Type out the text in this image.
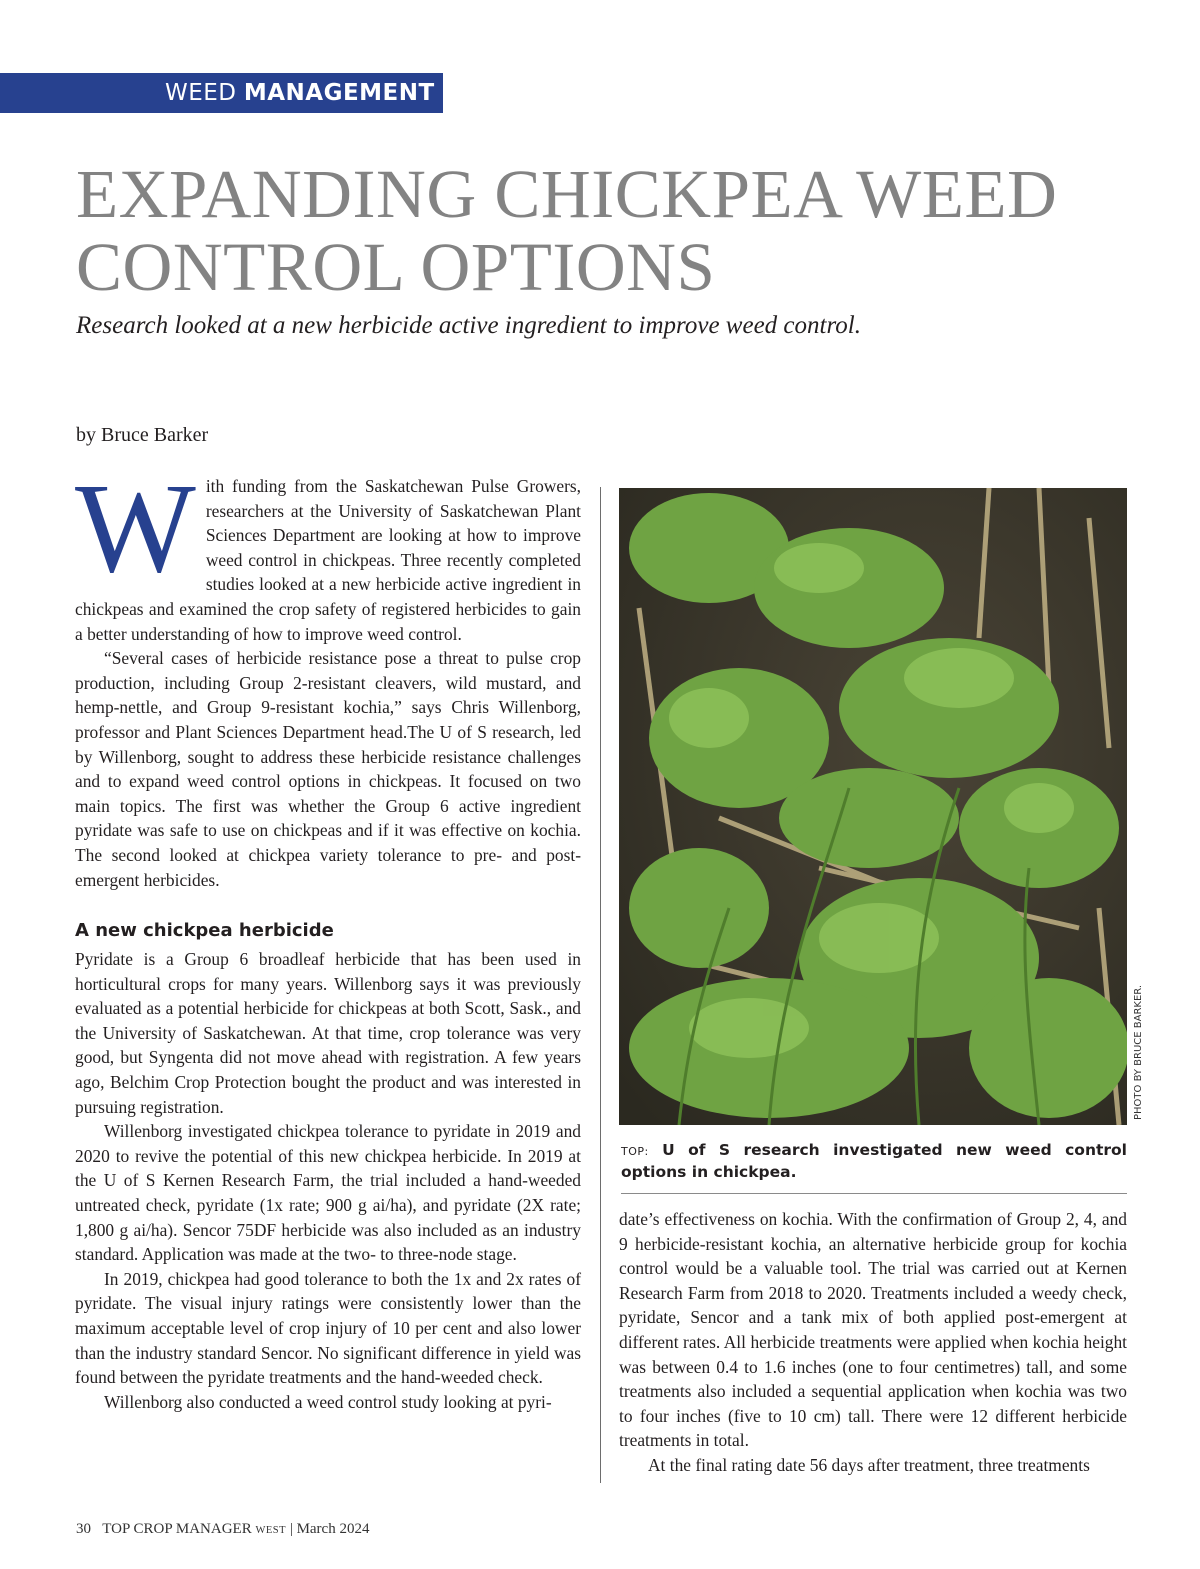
WEED MANAGEMENT
EXPANDING CHICKPEA WEED CONTROL OPTIONS

Research looked at a new herbicide active ingredient to improve weed control.

by Bruce Barker

With funding from the Saskatchewan Pulse Growers, researchers at the University of Saskatchewan Plant Sciences Department are looking at how to improve weed control in chickpeas. Three recently completed studies looked at a new herbicide active ingredient in chickpeas and examined the crop safety of registered herbicides to gain a better understanding of how to improve weed control.

“Several cases of herbicide resistance pose a threat to pulse crop production, including Group 2-resistant cleavers, wild mustard, and hemp-nettle, and Group 9-resistant kochia,” says Chris Willenborg, professor and Plant Sciences Department head.The U of S research, led by Willenborg, sought to address these herbicide resistance challenges and to expand weed control options in chickpeas. It focused on two main topics. The first was whether the Group 6 active ingredient pyridate was safe to use on chickpeas and if it was effective on kochia. The second looked at chickpea variety tolerance to pre- and post-emergent herbicides.

A new chickpea herbicide

Pyridate is a Group 6 broadleaf herbicide that has been used in horticultural crops for many years. Willenborg says it was previously evaluated as a potential herbicide for chickpeas at both Scott, Sask., and the University of Saskatchewan. At that time, crop tolerance was very good, but Syngenta did not move ahead with registration. A few years ago, Belchim Crop Protection bought the product and was interested in pursuing registration.

Willenborg investigated chickpea tolerance to pyridate in 2019 and 2020 to revive the potential of this new chickpea herbicide. In 2019 at the U of S Kernen Research Farm, the trial included a hand-weeded untreated check, pyridate (1x rate; 900 g ai/ha), and pyridate (2X rate; 1,800 g ai/ha). Sencor 75DF herbicide was also included as an industry standard. Application was made at the two- to three-node stage.

In 2019, chickpea had good tolerance to both the 1x and 2x rates of pyridate. The visual injury ratings were consistently lower than the maximum acceptable level of crop injury of 10 per cent and also lower than the industry standard Sencor. No significant difference in yield was found between the pyridate treatments and the hand-weeded check.

Willenborg also conducted a weed control study looking at pyri-

PHOTO BY BRUCE BARKER.

TOP: U of S research investigated new weed control options in chickpea.

date’s effectiveness on kochia. With the confirmation of Group 2, 4, and 9 herbicide-resistant kochia, an alternative herbicide group for kochia control would be a valuable tool. The trial was carried out at Kernen Research Farm from 2018 to 2020. Treatments included a weedy check, pyridate, Sencor and a tank mix of both applied post-emergent at different rates. All herbicide treatments were applied when kochia height was between 0.4 to 1.6 inches (one to four centimetres) tall, and some treatments also included a sequential application when kochia was two to four inches (five to 10 cm) tall. There were 12 different herbicide treatments in total.

At the final rating date 56 days after treatment, three treatments

30 TOP CROP MANAGER WEST | March 2024
